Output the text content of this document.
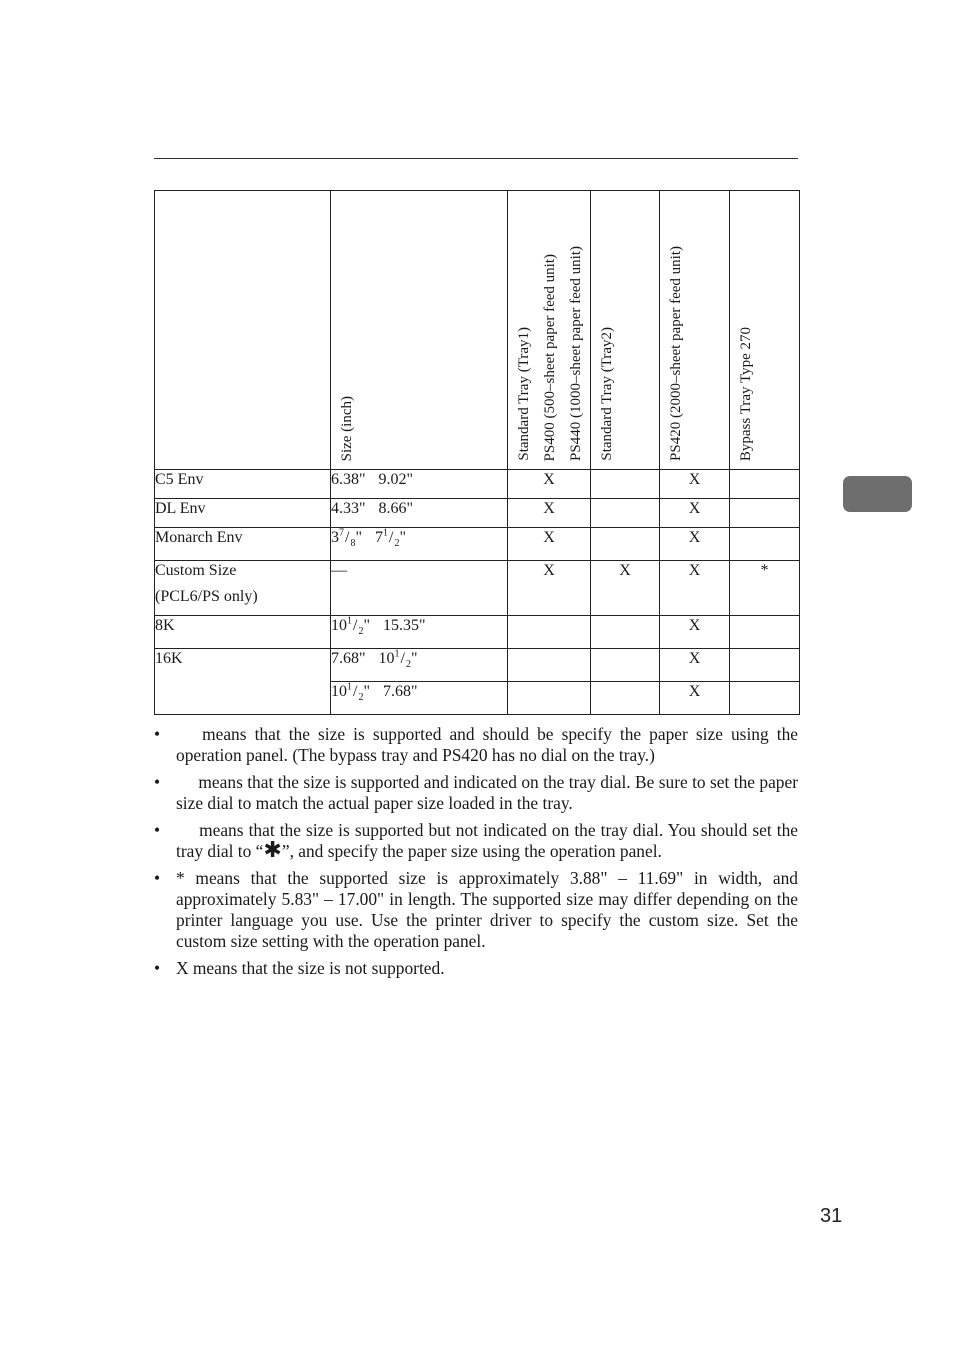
	Size (inch)	Standard Tray (Tray1) PS400 (500–sheet paper feed unit) PS440 (1000–sheet paper feed unit)	Standard Tray (Tray2)	PS420 (2000–sheet paper feed unit)	Bypass Tray Type 270

C5 Env	6.38" 9.02"	X		X	
DL Env	4.33" 8.66"	X		X	
Monarch Env	$3^7/_8$" $7^1/_2$"	X		X	

Custom Size
(PCL6/PS only)	—	X	X	X	*
8K	$10^1/_2$" 15.35"			X	
16K	7.68" $10^1/_2$"			X	
	$10^1/_2$" 7.68"			X	
• means that the size is supported and should be specify the paper size using the operation panel. (The bypass tray and PS420 has no dial on the tray.)
• means that the size is supported and indicated on the tray dial. Be sure to set the paper size dial to match the actual paper size loaded in the tray.
• means that the size is supported but not indicated on the tray dial. You should set the tray dial to “✱”, and specify the paper size using the operation panel.
• * means that the supported size is approximately 3.88" – 11.69" in width, and approximately 5.83" – 17.00" in length. The supported size may differ depending on the printer language you use. Use the printer driver to specify the custom size. Set the custom size setting with the operation panel.
• X means that the size is not supported.
31
